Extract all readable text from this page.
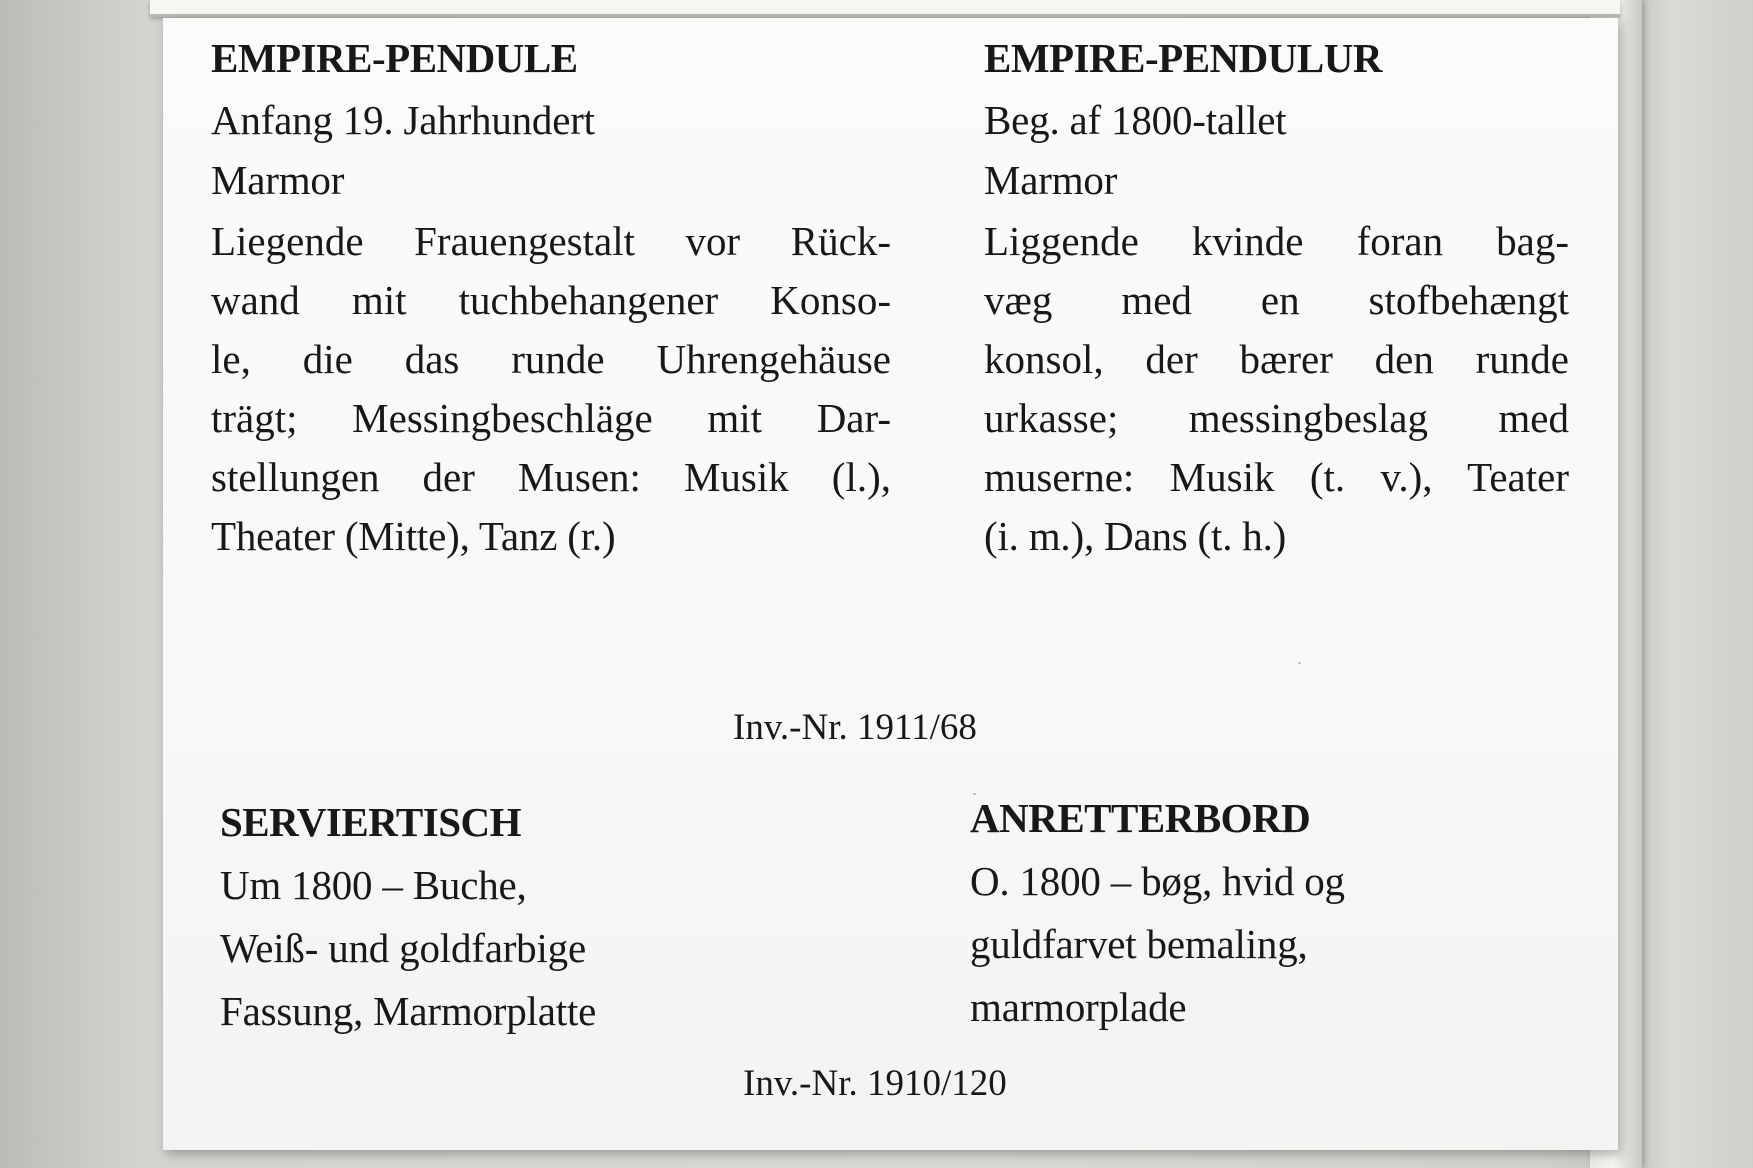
EMPIRE-PENDULE
Anfang 19. Jahrhundert
Marmor
Liegende Frauengestalt vor Rück-
wand mit tuchbehangener Konso-
le, die das runde Uhrengehäuse
trägt; Messingbeschläge mit Dar-
stellungen der Musen: Musik (l.),
Theater (Mitte), Tanz (r.)
EMPIRE-PENDULUR
Beg. af 1800-tallet
Marmor
Liggende kvinde foran bag-
væg med en stofbehængt
konsol, der bærer den runde
urkasse; messingbeslag med
muserne: Musik (t. v.), Teater
(i. m.), Dans (t. h.)
Inv.-Nr. 1911/68
SERVIERTISCH
Um 1800 – Buche,
Weiß- und goldfarbige
Fassung, Marmorplatte
ANRETTERBORD
O. 1800 – bøg, hvid og
guldfarvet bemaling,
marmorplade
Inv.-Nr. 1910/120
